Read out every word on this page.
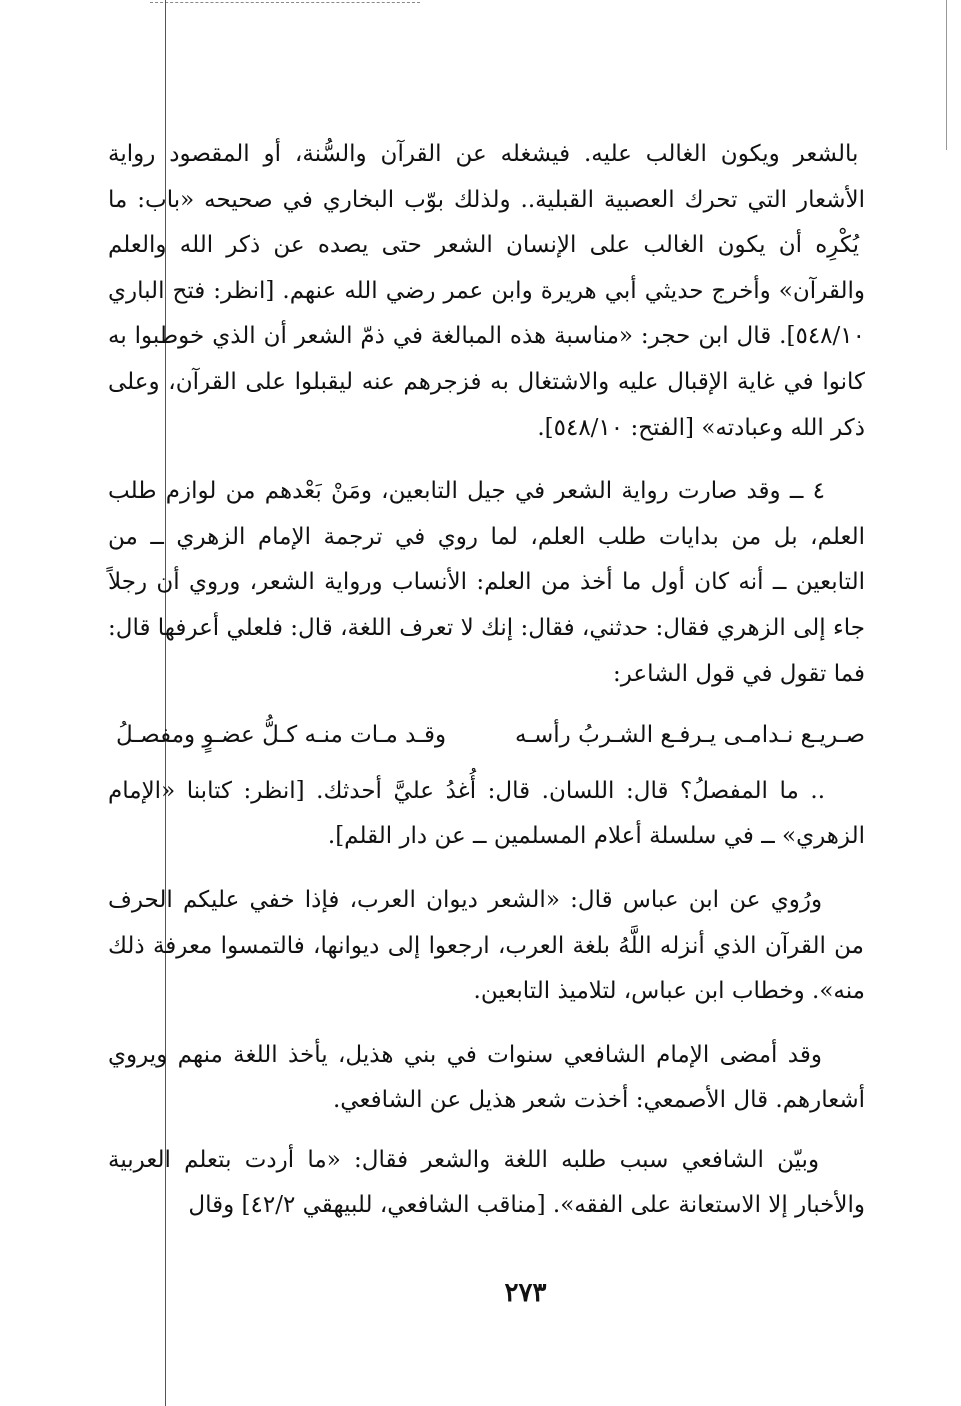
بالشعر ويكون الغالب عليه. فيشغله عن القرآن والسُّنة، أو المقصود رواية الأشعار التي تحرك العصبية القبلية.. ولذلك بوّب البخاري في صحيحه «باب: ما يُكْرِه أن يكون الغالب على الإنسان الشعر حتى يصده عن ذكر الله والعلم والقرآن» وأخرج حديثي أبي هريرة وابن عمر رضي الله عنهم. [انظر: فتح الباري ٥٤٨/١٠]. قال ابن حجر: «مناسبة هذه المبالغة في ذمّ الشعر أن الذي خوطبوا به كانوا في غاية الإقبال عليه والاشتغال به فزجرهم عنه ليقبلوا على القرآن، وعلى ذكر الله وعبادته» [الفتح: ٥٤٨/١٠].

٤ ــ وقد صارت رواية الشعر في جيل التابعين، ومَنْ بَعْدهم من لوازم طلب العلم، بل من بدايات طلب العلم، لما روي في ترجمة الإمام الزهري ــ من التابعين ــ أنه كان أول ما أخذ من العلم: الأنساب ورواية الشعر، وروي أن رجلاً جاء إلى الزهري فقال: حدثني، فقال: إنك لا تعرف اللغة، قال: فلعلي أعرفها قال: فما تقول في قول الشاعر:

صـريـع نـدامـى يـرفـع الشـربُ رأسـه
وقـد مـات منـه كـلُّ عضـوٍ ومفصـلُ

.. ما المفصلُ؟ قال: اللسان. قال: أُغدُ عليَّ أحدثك. [انظر: كتابنا «الإمام الزهري» ــ في سلسلة أعلام المسلمين ــ عن دار القلم].

ورُوي عن ابن عباس قال: «الشعر ديوان العرب، فإذا خفي عليكم الحرف من القرآن الذي أنزله اللَّهُ بلغة العرب، ارجعوا إلى ديوانها، فالتمسوا معرفة ذلك منه». وخطاب ابن عباس، لتلاميذ التابعين.

وقد أمضى الإمام الشافعي سنوات في بني هذيل، يأخذ اللغة منهم ويروي أشعارهم. قال الأصمعي: أخذت شعر هذيل عن الشافعي.

وبيّن الشافعي سبب طلبه اللغة والشعر فقال: «ما أردت بتعلم العربية والأخبار إلا الاستعانة على الفقه». [مناقب الشافعي، للبيهقي ٤٢/٢] وقال

٢٧٣
